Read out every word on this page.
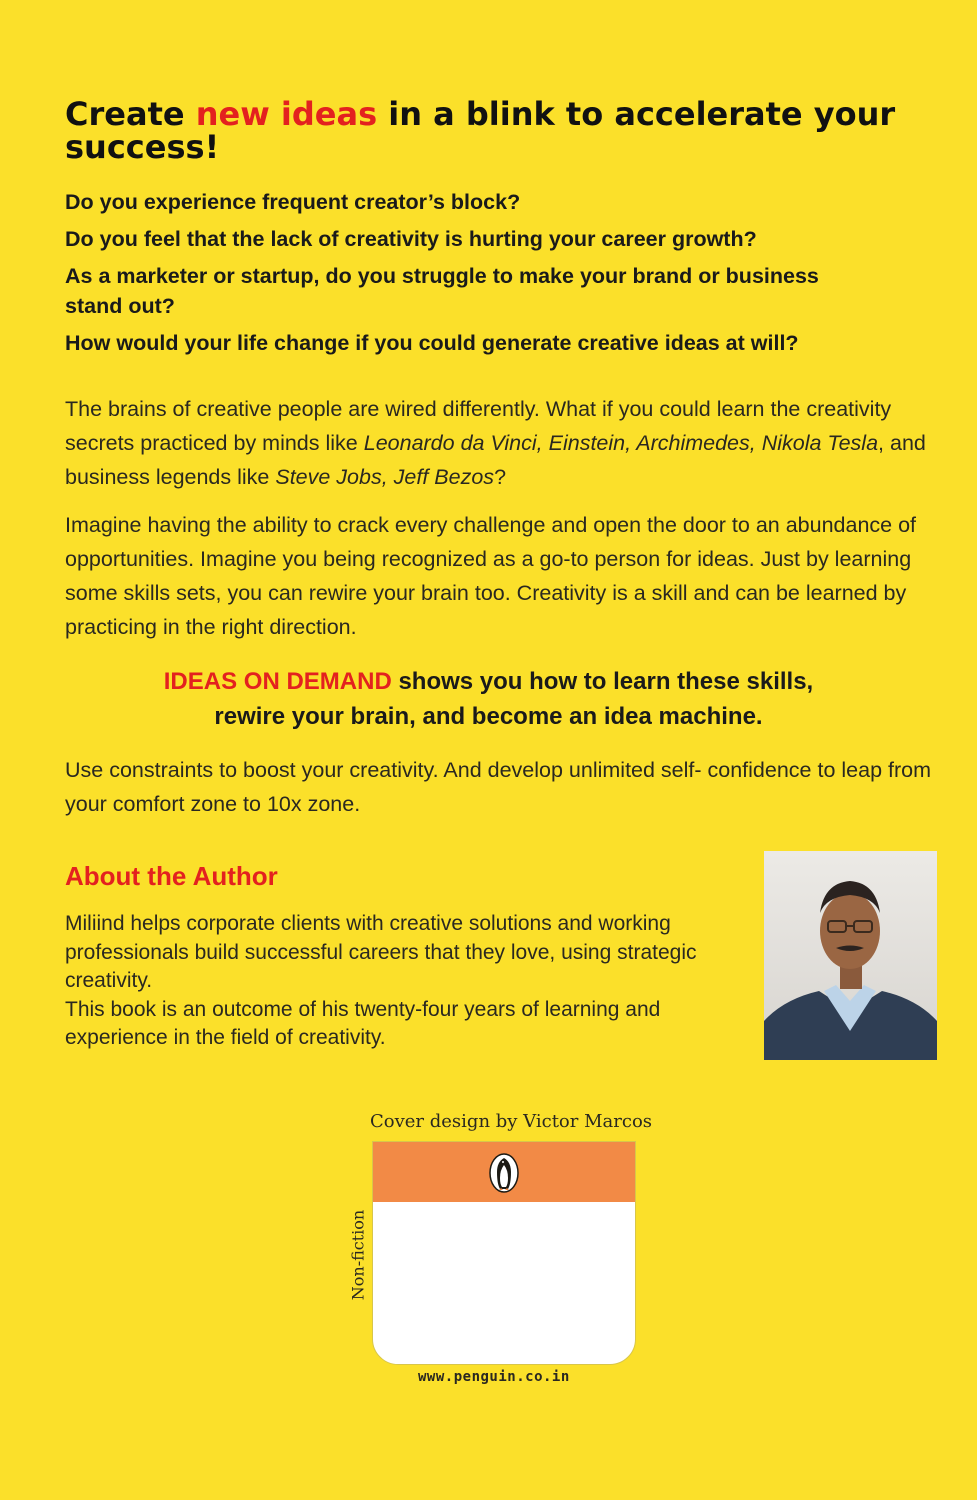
Create new ideas in a blink to accelerate your success!
Do you experience frequent creator’s block?
Do you feel that the lack of creativity is hurting your career growth?
As a marketer or startup, do you struggle to make your brand or business stand out?
How would your life change if you could generate creative ideas at will?
The brains of creative people are wired differently. What if you could learn the creativity secrets practiced by minds like Leonardo da Vinci, Einstein, Archimedes, Nikola Tesla, and business legends like Steve Jobs, Jeff Bezos?
Imagine having the ability to crack every challenge and open the door to an abundance of opportunities. Imagine you being recognized as a go-to person for ideas. Just by learning some skills sets, you can rewire your brain too. Creativity is a skill and can be learned by practicing in the right direction.
IDEAS ON DEMAND shows you how to learn these skills,
rewire your brain, and become an idea machine.
Use constraints to boost your creativity. And develop unlimited self- confidence to leap from your comfort zone to 10x zone.
About the Author
Miliind helps corporate clients with creative solutions and working professionals build successful careers that they love, using strategic creativity.
This book is an outcome of his twenty-four years of learning and experience in the field of creativity.
Cover design by Victor Marcos
Non-fiction
www.penguin.co.in
